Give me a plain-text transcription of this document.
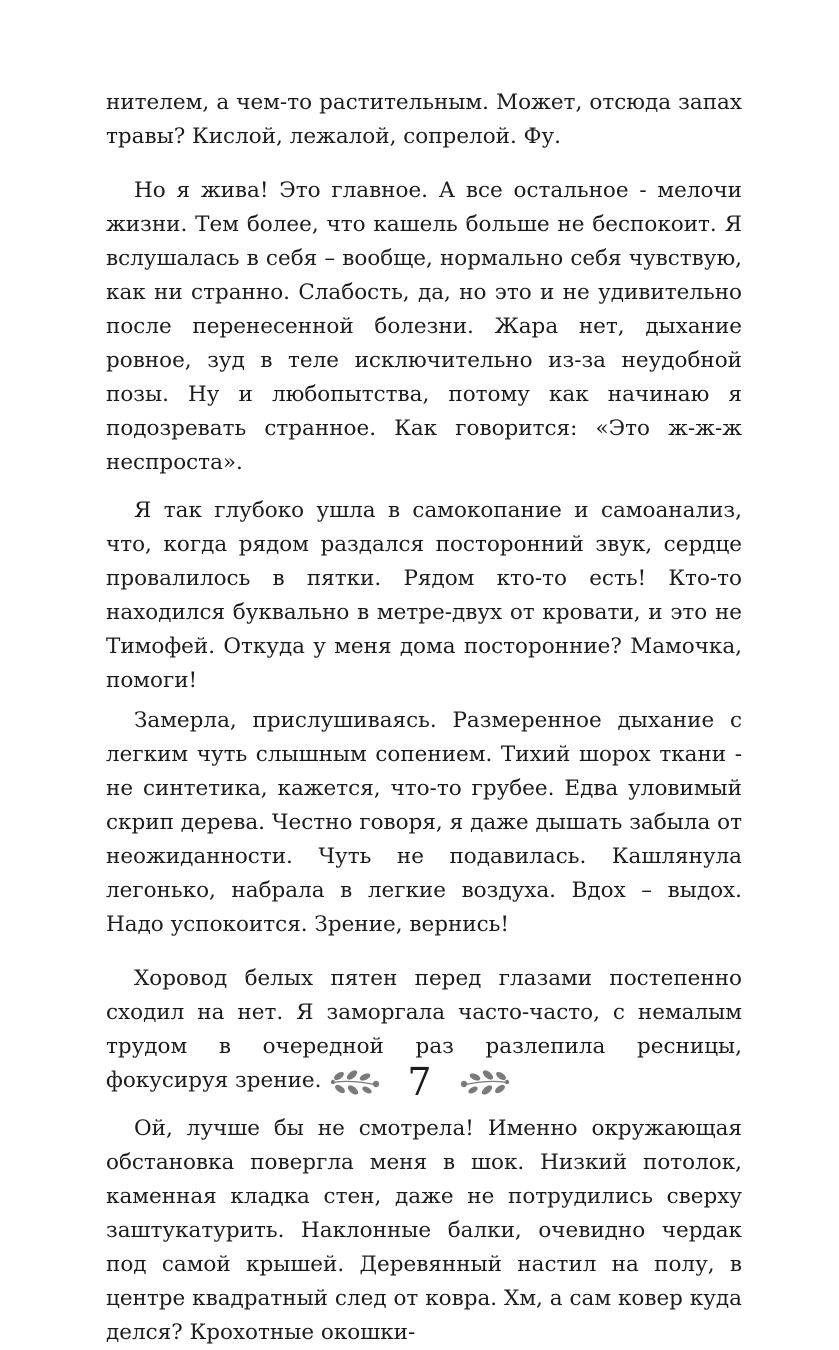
нителем, а чем-то растительным. Может, отсюда запах травы? Кислой, лежалой, сопрелой. Фу.

Но я жива! Это главное. А все остальное - мелочи жизни. Тем более, что кашель больше не беспокоит. Я вслушалась в себя – вообще, нормально себя чувствую, как ни странно. Слабость, да, но это и не удивительно после перенесенной болезни. Жара нет, дыхание ровное, зуд в теле исключительно из-за неудобной позы. Ну и любопытства, потому как начинаю я подозревать странное. Как говорится: «Это ж-ж-ж неспроста».

Я так глубоко ушла в самокопание и самоанализ, что, когда рядом раздался посторонний звук, сердце провалилось в пятки. Рядом кто-то есть! Кто-то находился буквально в метре-двух от кровати, и это не Тимофей. Откуда у меня дома посторонние? Мамочка, помоги!

Замерла, прислушиваясь. Размеренное дыхание с легким чуть слышным сопением. Тихий шорох ткани - не синтетика, кажется, что-то грубее. Едва уловимый скрип дерева. Честно говоря, я даже дышать забыла от неожиданности. Чуть не подавилась. Кашлянула легонько, набрала в легкие воздуха. Вдох – выдох. Надо успокоится. Зрение, вернись!

Хоровод белых пятен перед глазами постепенно сходил на нет. Я заморгала часто-часто, с немалым трудом в очередной раз разлепила ресницы, фокусируя зрение.

Ой, лучше бы не смотрела! Именно окружающая обстановка повергла меня в шок. Низкий потолок, каменная кладка стен, даже не потрудились сверху заштукатурить. Наклонные балки, очевидно чердак под самой крышей. Деревянный настил на полу, в центре квадратный след от ковра. Хм, а сам ковер куда делся? Крохотные окошки-

7
